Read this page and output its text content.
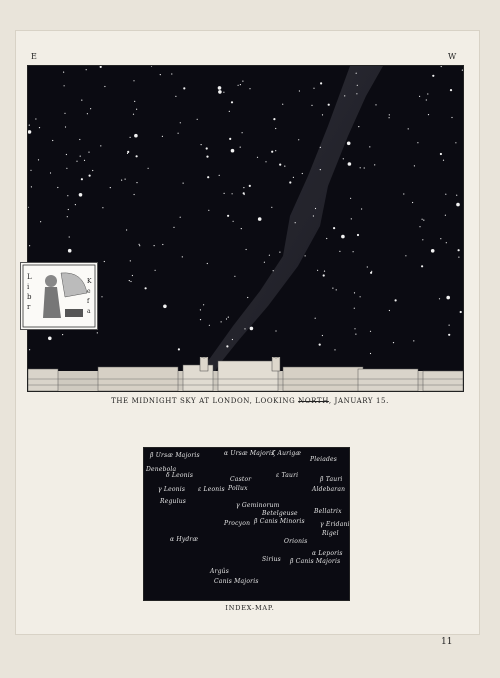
E	W
L
i
b
r
K
e
f
a
THE MIDNIGHT SKY AT LONDON, LOOKING NORTH, JANUARY 15.
β Ursæ Majoris	α Ursæ Majoris
ζ Aurigæ
Pleiades
Denebola
δ Leonis
γ Leonis ε Leonis
Regulus
Castor
Pollux
ε Tauri
β Tauri
Aldebaran
γ Geminorum
Betelgeuse
Procyon β Canis Minoris
Bellatrix
γ Eridani
Rigel
α Hydræ	Orionis
Sirius
α Leporis
β Canis Majoris
Argûs
Canis Majoris
INDEX-MAP.
11
